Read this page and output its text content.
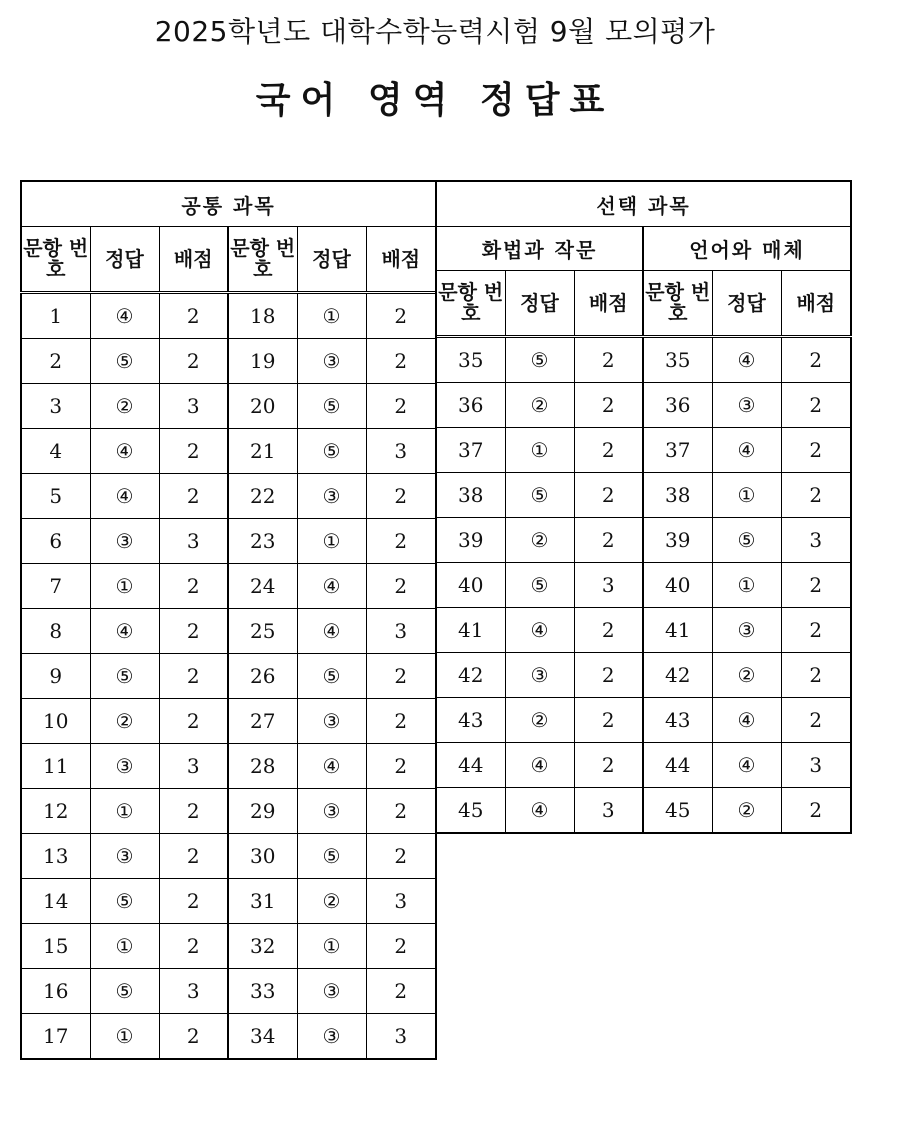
2025학년도 대학수학능력시험 9월 모의평가
국어 영역 정답표
공통 과목					

문항 번호	정답	배점	문항 번호	정답	배점
1	④	2	18	①	2
2	⑤	2	19	③	2
3	②	3	20	⑤	2
4	④	2	21	⑤	3
5	④	2	22	③	2
6	③	3	23	①	2
7	①	2	24	④	2
8	④	2	25	④	3
9	⑤	2	26	⑤	2
10	②	2	27	③	2
11	③	3	28	④	2
12	①	2	29	③	2
13	③	2	30	⑤	2
14	⑤	2	31	②	3
15	①	2	32	①	2
16	⑤	3	33	③	2
17	①	2	34	③	3
선택 과목					
화법과 작문			언어와 매체		
문항 번호	정답	배점	문항 번호	정답	배점
35	⑤	2	35	④	2
36	②	2	36	③	2
37	①	2	37	④	2
38	⑤	2	38	①	2
39	②	2	39	⑤	3
40	⑤	3	40	①	2
41	④	2	41	③	2
42	③	2	42	②	2
43	②	2	43	④	2
44	④	2	44	④	3
45	④	3	45	②	2
